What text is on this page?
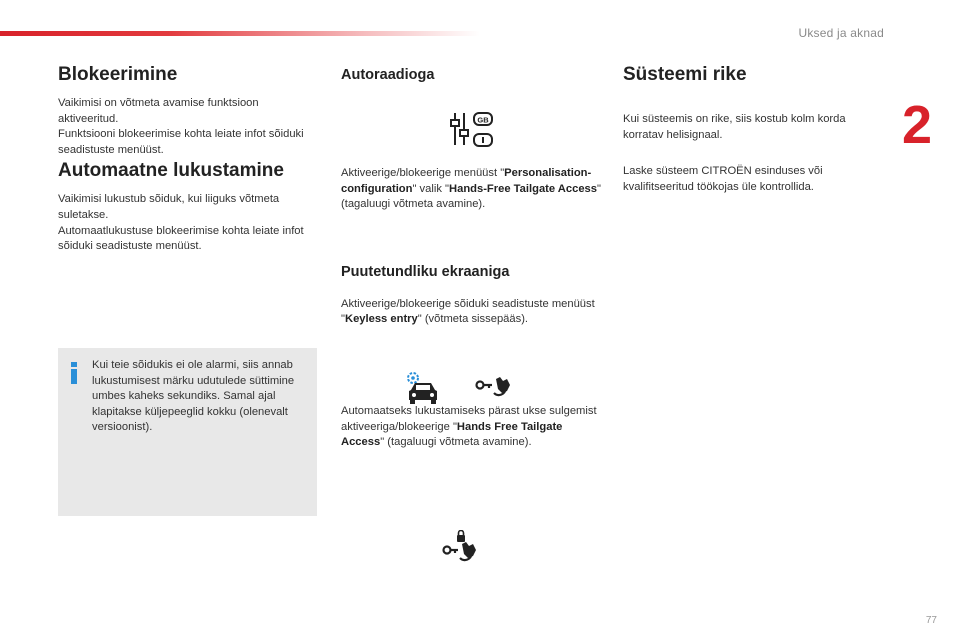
Uksed ja aknad
2
Blokeerimine

Vaikimisi on võtmeta avamise funktsioon aktiveeritud.

Funktsiooni blokeerimise kohta leiate infot sõiduki seadistuste menüüst.

Automaatne lukustamine

Vaikimisi lukustub sõiduk, kui liiguks võtmeta suletakse.

Automaatlukustuse blokeerimise kohta leiate infot sõiduki seadistuste menüüst.

Kui teie sõidukis ei ole alarmi, siis annab lukustumisest märku udutulede süttimine umbes kaheks sekundiks. Samal ajal klapitakse küljepeeglid kokku (olenevalt versioonist).

Autoraadioga

Aktiveerige/blokeerige menüüst "Personalisation-configuration" valik "Hands-Free Tailgate Access" (tagaluugi võtmeta avamine).

Puutetundliku ekraaniga

Aktiveerige/blokeerige sõiduki seadistuste menüüst "Keyless entry" (võtmeta sissepääs).

Automaatseks lukustamiseks pärast ukse sulgemist aktiveeriga/blokeerige "Hands Free Tailgate Access" (tagaluugi võtmeta avamine).

GB
Süsteemi rike

Kui süsteemis on rike, siis kostub kolm korda korratav helisignaal.

Laske süsteem CITROËN esinduses või kvalifitseeritud töökojas üle kontrollida.

77
